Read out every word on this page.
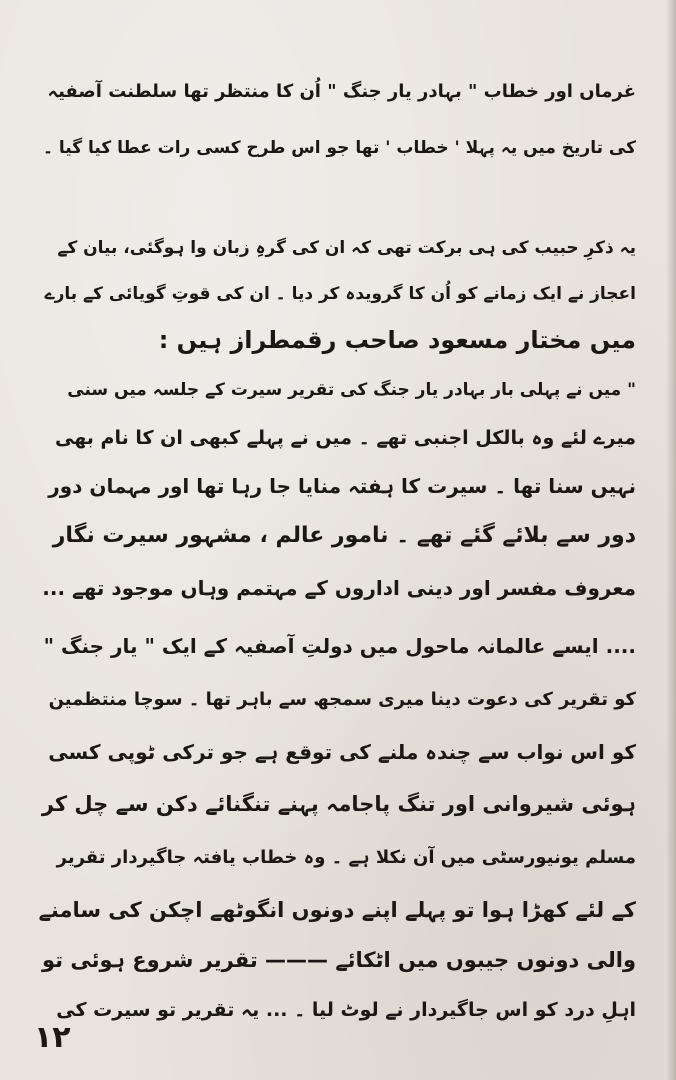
غرماں اور خطاب " بہادر یار جنگ " اُن کا منتظر تھا سلطنت آصفیہ
کی تاریخ میں یہ پہلا ' خطاب ' تھا جو اس طرح کسی رات عطا کیا گیا ۔
یہ ذکرِ حبیب کی ہی برکت تھی کہ ان کی گرہِ زبان وا ہوگئی، بیان کے
اعجاز نے ایک زمانے کو اُن کا گرویدہ کر دیا ۔ ان کی قوتِ گویائی کے بارے
میں مختار مسعود صاحب رقمطراز ہیں :
" میں نے پہلی بار بہادر یار جنگ کی تقریر سیرت کے جلسہ میں سنی
میرے لئے وہ بالکل اجنبی تھے ۔ میں نے پہلے کبھی ان کا نام بھی
نہیں سنا تھا ۔ سیرت کا ہفتہ منایا جا رہا تھا اور مہمان دور
دور سے بلائے گئے تھے ۔ نامور عالم ، مشہور سیرت نگار
معروف مفسر اور دینی اداروں کے مہتمم وہاں موجود تھے ...
.... ایسے عالمانہ ماحول میں دولتِ آصفیہ کے ایک " یار جنگ "
کو تقریر کی دعوت دینا میری سمجھ سے باہر تھا ۔ سوچا منتظمین
کو اس نواب سے چندہ ملنے کی توقع ہے جو ترکی ٹوپی کسی
ہوئی شیروانی اور تنگ پاجامہ پہنے تنگنائے دکن سے چل کر
مسلم یونیورسٹی میں آن نکلا ہے ۔ وہ خطاب یافتہ جاگیردار تقریر
کے لئے کھڑا ہوا تو پہلے اپنے دونوں انگوٹھے اچکن کی سامنے
والی دونوں جیبوں میں اٹکائے ——— تقریر شروع ہوئی تو
اہلِ درد کو اس جاگیردار نے لوٹ لیا ۔ ... یہ تقریر تو سیرت کی
١٢
